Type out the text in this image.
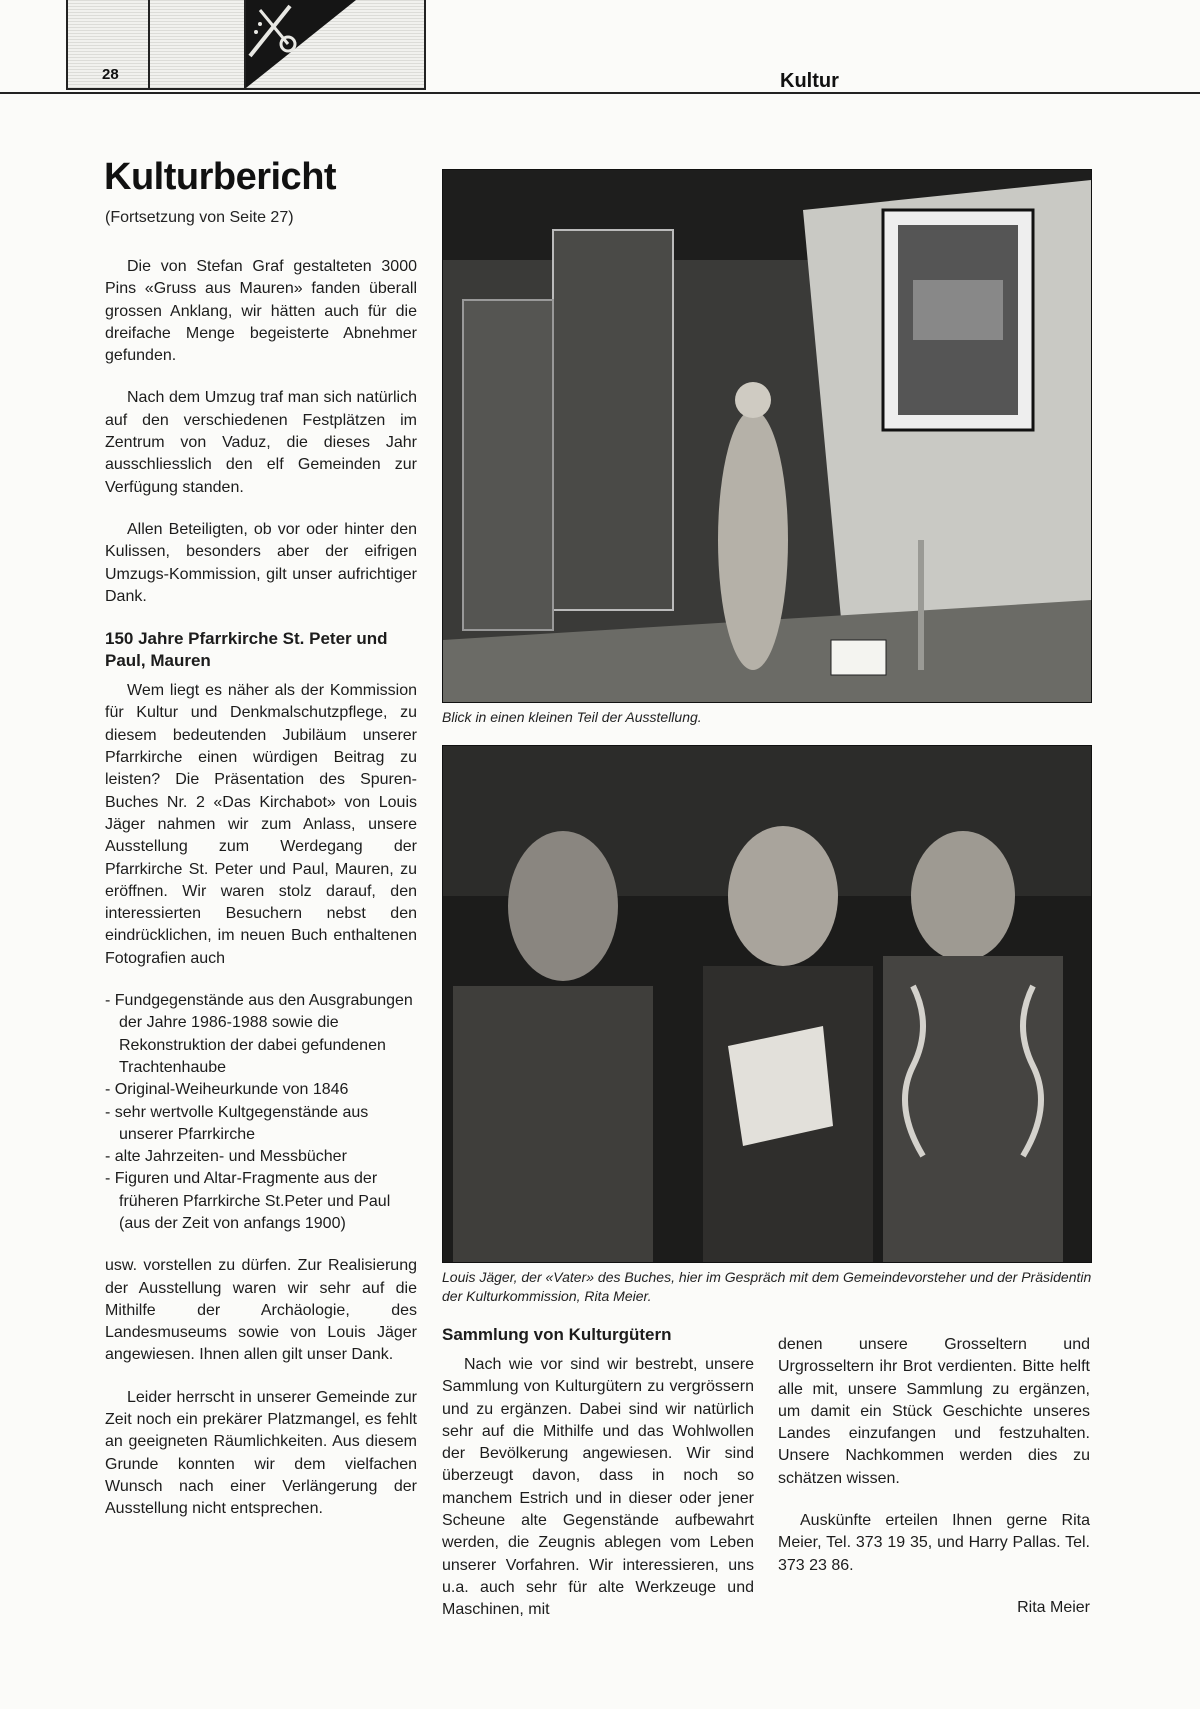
28	Kultur
Kulturbericht
(Fortsetzung von Seite 27)

Die von Stefan Graf gestalteten 3000 Pins «Gruss aus Mauren» fanden überall grossen Anklang, wir hätten auch für die dreifache Menge begeisterte Abnehmer gefunden.

Nach dem Umzug traf man sich natürlich auf den verschiedenen Festplätzen im Zentrum von Vaduz, die dieses Jahr ausschliesslich den elf Gemeinden zur Verfügung standen.

Allen Beteiligten, ob vor oder hinter den Kulissen, besonders aber der eifrigen Umzugs-Kommission, gilt unser aufrichtiger Dank.

150 Jahre Pfarrkirche St. Peter und Paul, Mauren

Wem liegt es näher als der Kommission für Kultur und Denkmalschutzpflege, zu diesem bedeutenden Jubiläum unserer Pfarrkirche einen würdigen Beitrag zu leisten? Die Präsentation des Spuren-Buches Nr. 2 «Das Kirchabot» von Louis Jäger nahmen wir zum Anlass, unsere Ausstellung zum Werdegang der Pfarrkirche St. Peter und Paul, Mauren, zu eröffnen. Wir waren stolz darauf, den interessierten Besuchern nebst den eindrücklichen, im neuen Buch enthaltenen Fotografien auch

- Fundgegenstände aus den Ausgrabungen der Jahre 1986-1988 sowie die Rekonstruktion der dabei gefundenen Trachtenhaube
- Original-Weiheurkunde von 1846
- sehr wertvolle Kultgegenstände aus unserer Pfarrkirche
- alte Jahrzeiten- und Messbücher
- Figuren und Altar-Fragmente aus der früheren Pfarrkirche St.Peter und Paul (aus der Zeit von anfangs 1900)

usw. vorstellen zu dürfen. Zur Realisierung der Ausstellung waren wir sehr auf die Mithilfe der Archäologie, des Landesmuseums sowie von Louis Jäger angewiesen. Ihnen allen gilt unser Dank.

Leider herrscht in unserer Gemeinde zur Zeit noch ein prekärer Platzmangel, es fehlt an geeigneten Räumlichkeiten. Aus diesem Grunde konnten wir dem vielfachen Wunsch nach einer Verlängerung der Ausstellung nicht entsprechen.

Blick in einen kleinen Teil der Ausstellung.
Louis Jäger, der «Vater» des Buches, hier im Gespräch mit dem Gemeindevorsteher und der Präsidentin der Kulturkommission, Rita Meier.
Sammlung von Kulturgütern

Nach wie vor sind wir bestrebt, unsere Sammlung von Kulturgütern zu vergrössern und zu ergänzen. Dabei sind wir natürlich sehr auf die Mithilfe und das Wohlwollen der Bevölkerung angewiesen. Wir sind überzeugt davon, dass in noch so manchem Estrich und in dieser oder jener Scheune alte Gegenstände aufbewahrt werden, die Zeugnis ablegen vom Leben unserer Vorfahren. Wir interessieren, uns u.a. auch sehr für alte Werkzeuge und Maschinen, mit

denen unsere Grosseltern und Urgrosseltern ihr Brot verdienten. Bitte helft alle mit, unsere Sammlung zu ergänzen, um damit ein Stück Geschichte unseres Landes einzufangen und festzuhalten. Unsere Nachkommen werden dies zu schätzen wissen.

Auskünfte erteilen Ihnen gerne Rita Meier, Tel. 373 19 35, und Harry Pallas. Tel. 373 23 86.

Rita Meier
